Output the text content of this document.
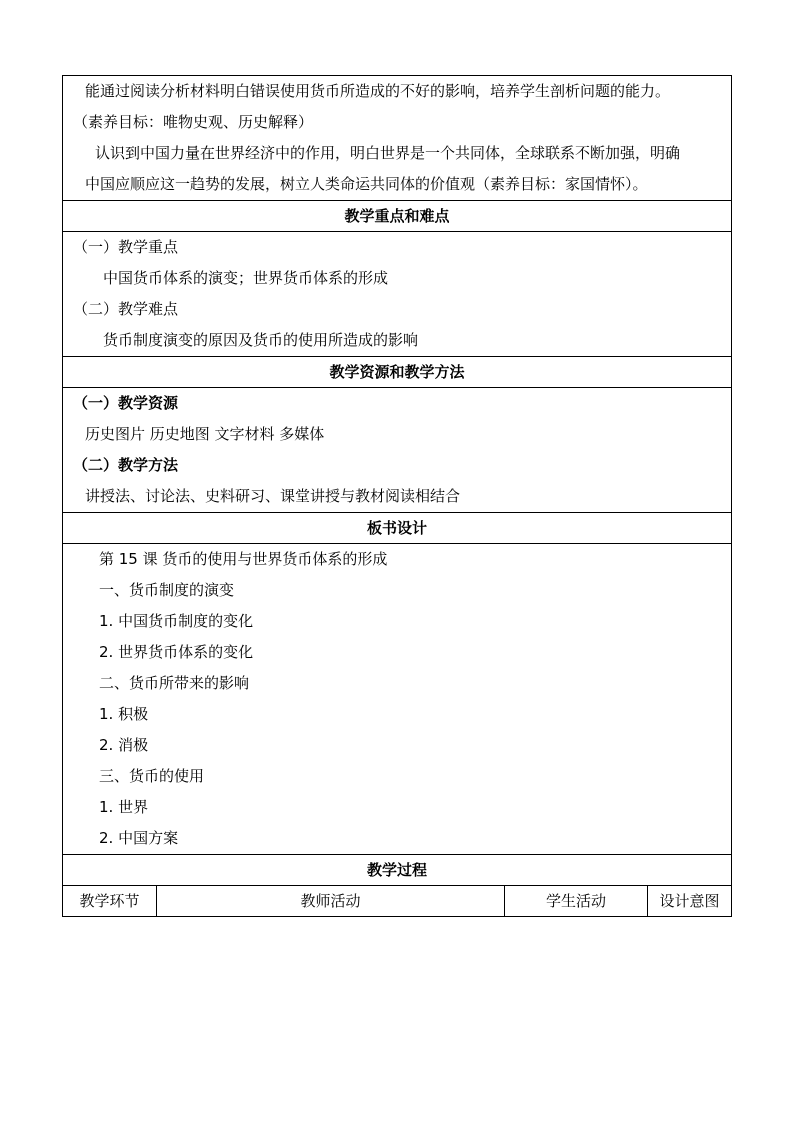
能通过阅读分析材料明白错误使用货币所造成的不好的影响，培养学生剖析问题的能力。
（素养目标：唯物史观、历史解释）
认识到中国力量在世界经济中的作用，明白世界是一个共同体，全球联系不断加强，明确
中国应顺应这一趋势的发展，树立人类命运共同体的价值观（素养目标：家国情怀）。
教学重点和难点
（一）教学重点
中国货币体系的演变；世界货币体系的形成
（二）教学难点
货币制度演变的原因及货币的使用所造成的影响
教学资源和教学方法
（一）教学资源
历史图片 历史地图 文字材料 多媒体
（二）教学方法
讲授法、讨论法、史料研习、课堂讲授与教材阅读相结合
板书设计
第 15 课 货币的使用与世界货币体系的形成
一、货币制度的演变
1. 中国货币制度的变化
2. 世界货币体系的变化
二、货币所带来的影响
1. 积极
2. 消极
三、货币的使用
1. 世界
2. 中国方案
教学过程
教学环节	教师活动	学生活动	设计意图
